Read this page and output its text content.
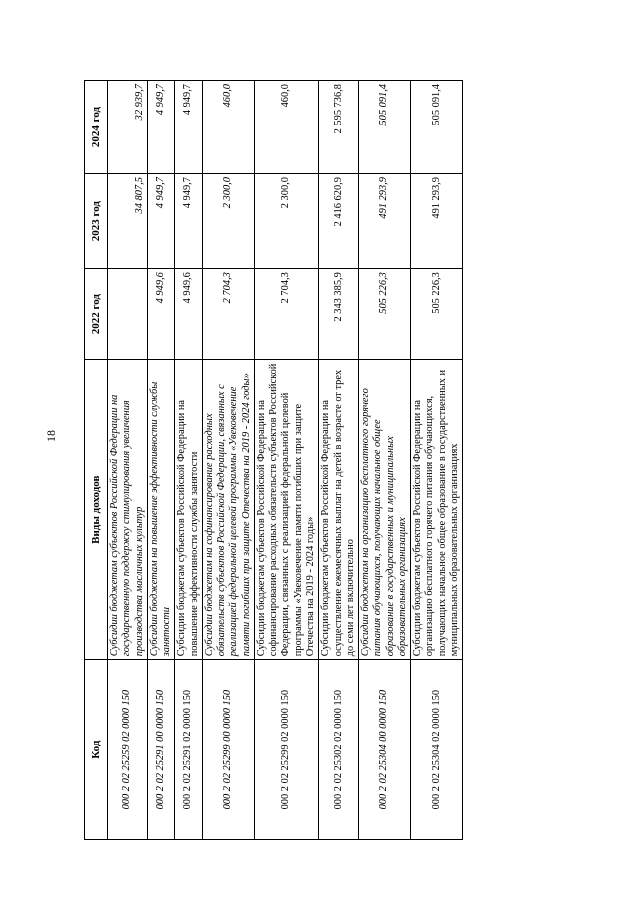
18
Код	Виды доходов	2022 год	2023 год	2024 год
000 2 02 25259 02 0000 150	Субсидии бюджетам субъектов Российской Федерации на государственную поддержку стимулирования увеличения производства масличных культур		34 807,5	32 939,7
000 2 02 25291 00 0000 150	Субсидии бюджетам на повышение эффективности службы занятости	4 949,6	4 949,7	4 949,7
000 2 02 25291 02 0000 150	Субсидии бюджетам субъектов Российской Федерации на повышение эффективности службы занятости	4 949,6	4 949,7	4 949,7
000 2 02 25299 00 0000 150	Субсидии бюджетам на софинансирование расходных обязательств субъектов Российской Федерации, связанных с реализацией федеральной целевой программы «Увековечение памяти погибших при защите Отечества на 2019 - 2024 годы»	2 704,3	2 300,0	460,0
000 2 02 25299 02 0000 150	Субсидии бюджетам субъектов Российской Федерации на софинансирование расходных обязательств субъектов Российской Федерации, связанных с реализацией федеральной целевой программы «Увековечение памяти погибших при защите Отечества на 2019 - 2024 годы»	2 704,3	2 300,0	460,0
000 2 02 25302 02 0000 150	Субсидии бюджетам субъектов Российской Федерации на осуществление ежемесячных выплат на детей в возрасте от трех до семи лет включительно	2 343 385,9	2 416 620,9	2 595 736,8
000 2 02 25304 00 0000 150	Субсидии бюджетам на организацию бесплатного горячего питания обучающихся, получающих начальное общее образование в государственных и муниципальных образовательных организациях	505 226,3	491 293,9	505 091,4
000 2 02 25304 02 0000 150	Субсидии бюджетам субъектов Российской Федерации на организацию бесплатного горячего питания обучающихся, получающих начальное общее образование в государственных и муниципальных образовательных организациях	505 226,3	491 293,9	505 091,4
